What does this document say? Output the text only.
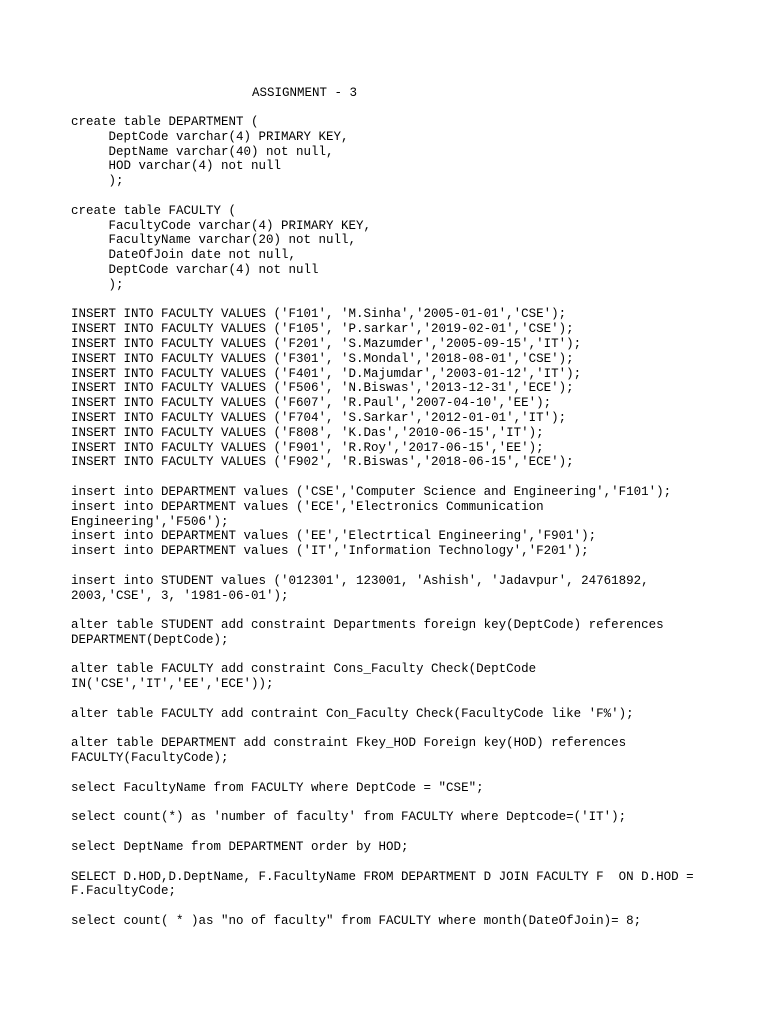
ASSIGNMENT - 3
create table DEPARTMENT (
DeptCode varchar(4) PRIMARY KEY,
DeptName varchar(40) not null,
HOD varchar(4) not null
);
create table FACULTY (
FacultyCode varchar(4) PRIMARY KEY,
FacultyName varchar(20) not null,
DateOfJoin date not null,
DeptCode varchar(4) not null
);
INSERT INTO FACULTY VALUES ('F101', 'M.Sinha','2005-01-01','CSE');
INSERT INTO FACULTY VALUES ('F105', 'P.sarkar','2019-02-01','CSE');
INSERT INTO FACULTY VALUES ('F201', 'S.Mazumder','2005-09-15','IT');
INSERT INTO FACULTY VALUES ('F301', 'S.Mondal','2018-08-01','CSE');
INSERT INTO FACULTY VALUES ('F401', 'D.Majumdar','2003-01-12','IT');
INSERT INTO FACULTY VALUES ('F506', 'N.Biswas','2013-12-31','ECE');
INSERT INTO FACULTY VALUES ('F607', 'R.Paul','2007-04-10','EE');
INSERT INTO FACULTY VALUES ('F704', 'S.Sarkar','2012-01-01','IT');
INSERT INTO FACULTY VALUES ('F808', 'K.Das','2010-06-15','IT');
INSERT INTO FACULTY VALUES ('F901', 'R.Roy','2017-06-15','EE');
INSERT INTO FACULTY VALUES ('F902', 'R.Biswas','2018-06-15','ECE');
insert into DEPARTMENT values ('CSE','Computer Science and Engineering','F101');
insert into DEPARTMENT values ('ECE','Electronics Communication
Engineering','F506');
insert into DEPARTMENT values ('EE','Electrtical Engineering','F901');
insert into DEPARTMENT values ('IT','Information Technology','F201');
insert into STUDENT values ('012301', 123001, 'Ashish', 'Jadavpur', 24761892,
2003,'CSE', 3, '1981-06-01');
alter table STUDENT add constraint Departments foreign key(DeptCode) references
DEPARTMENT(DeptCode);
alter table FACULTY add constraint Cons_Faculty Check(DeptCode
IN('CSE','IT','EE','ECE'));
alter table FACULTY add contraint Con_Faculty Check(FacultyCode like 'F%');
alter table DEPARTMENT add constraint Fkey_HOD Foreign key(HOD) references
FACULTY(FacultyCode);
select FacultyName from FACULTY where DeptCode = "CSE";
select count(*) as 'number of faculty' from FACULTY where Deptcode=('IT');
select DeptName from DEPARTMENT order by HOD;
SELECT D.HOD,D.DeptName, F.FacultyName FROM DEPARTMENT D JOIN FACULTY F  ON D.HOD =
F.FacultyCode;
select count( * )as "no of faculty" from FACULTY where month(DateOfJoin)= 8;
